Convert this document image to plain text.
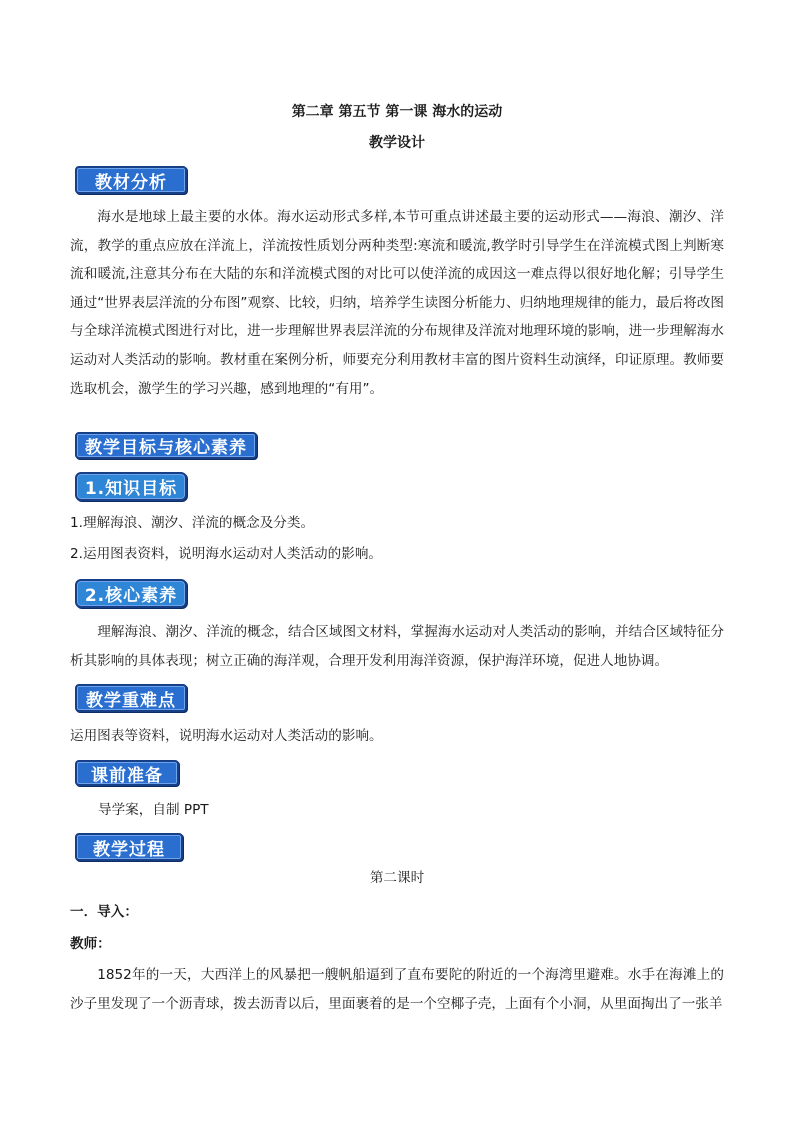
第二章 第五节 第一课 海水的运动
教学设计
教材分析

海水是地球上最主要的水体。海水运动形式多样,本节可重点讲述最主要的运动形式——海浪、潮汐、洋流，教学的重点应放在洋流上，洋流按性质划分两种类型:寒流和暖流,教学时引导学生在洋流模式图上判断寒流和暖流,注意其分布在大陆的东和洋流模式图的对比可以使洋流的成因这一难点得以很好地化解；引导学生通过“世界表层洋流的分布图”观察、比较，归纳，培养学生读图分析能力、归纳地理规律的能力，最后将改图与全球洋流模式图进行对比，进一步理解世界表层洋流的分布规律及洋流对地理环境的影响，进一步理解海水运动对人类活动的影响。教材重在案例分析，师要充分利用教材丰富的图片资料生动演绎，印证原理。教师要选取机会，激学生的学习兴趣，感到地理的“有用”。

教学目标与核心素养
1.知识目标
1.理解海浪、潮汐、洋流的概念及分类。
2.运用图表资料，说明海水运动对人类活动的影响。
2.核心素养

理解海浪、潮汐、洋流的概念，结合区域图文材料，掌握海水运动对人类活动的影响，并结合区域特征分析其影响的具体表现；树立正确的海洋观，合理开发利用海洋资源，保护海洋环境，促进人地协调。

教学重难点
运用图表等资料，说明海水运动对人类活动的影响。
课前准备
导学案，自制 PPT
教学过程
第二课时
一．导入：
教师：

1852年的一天，大西洋上的风暴把一艘帆船逼到了直布要陀的附近的一个海湾里避难。水手在海滩上的沙子里发现了一个沥青球，拨去沥青以后，里面裹着的是一个空椰子壳，上面有个小洞，从里面掏出了一张羊
